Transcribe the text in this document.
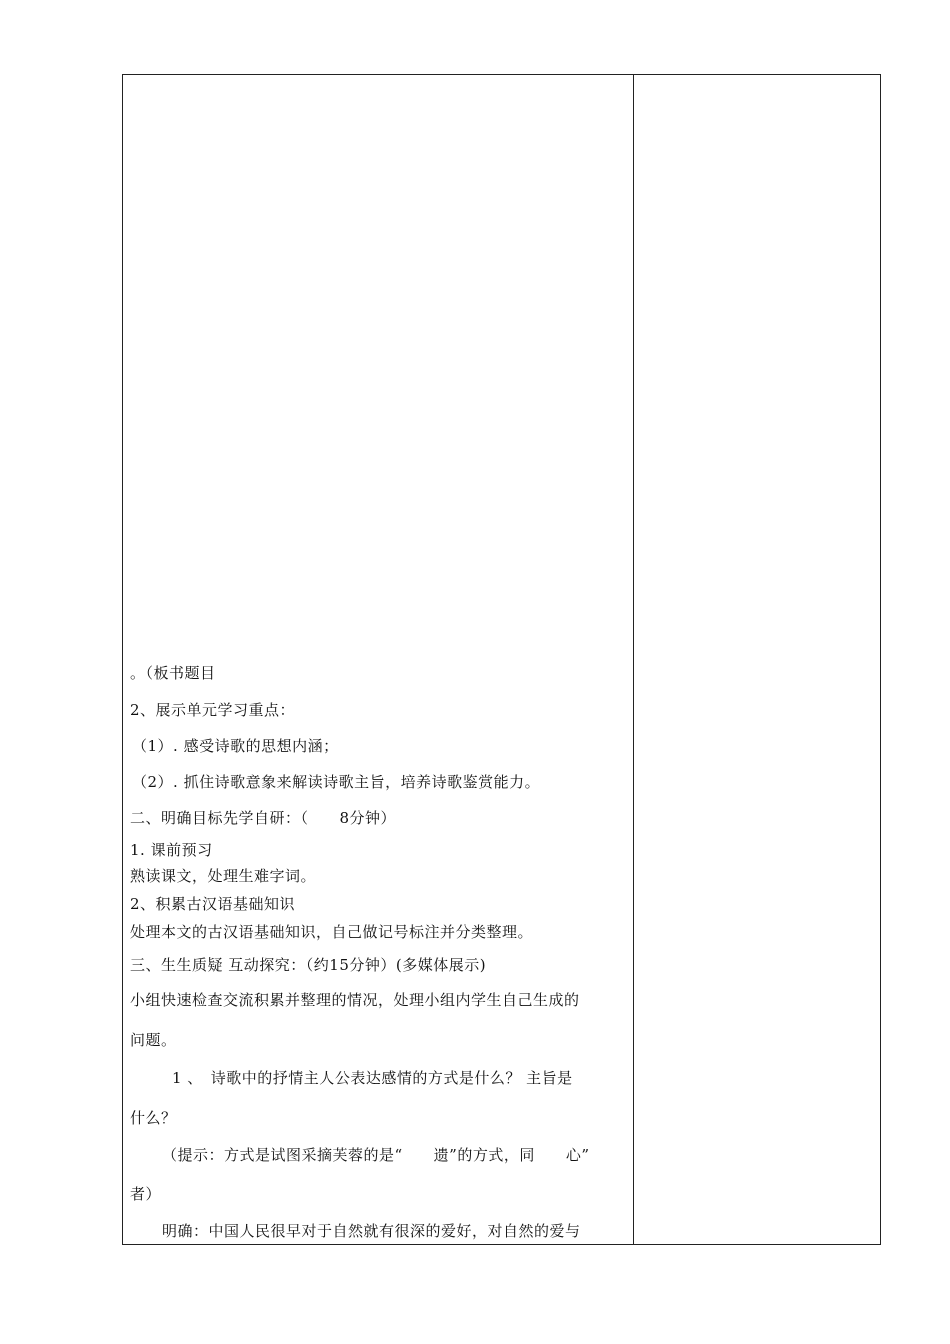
。（板书题目
2、展示单元学习重点：
（1）. 感受诗歌的思想内涵；
（2）. 抓住诗歌意象来解读诗歌主旨，培养诗歌鉴赏能力。
二、明确目标先学自研：（　　8分钟）
1. 课前预习
熟读课文，处理生难字词。
2、积累古汉语基础知识
处理本文的古汉语基础知识，自己做记号标注并分类整理。
三、生生质疑 互动探究：（约15分钟）(多媒体展示)
小组快速检查交流积累并整理的情况，处理小组内学生自己生成的
问题。
1 、　诗歌中的抒情主人公表达感情的方式是什么？ 主旨是
什么？
（提示：方式是试图采摘芙蓉的是“　　遗”的方式，同　　心”
者）
明确：中国人民很早对于自然就有很深的爱好，对自然的爱与
